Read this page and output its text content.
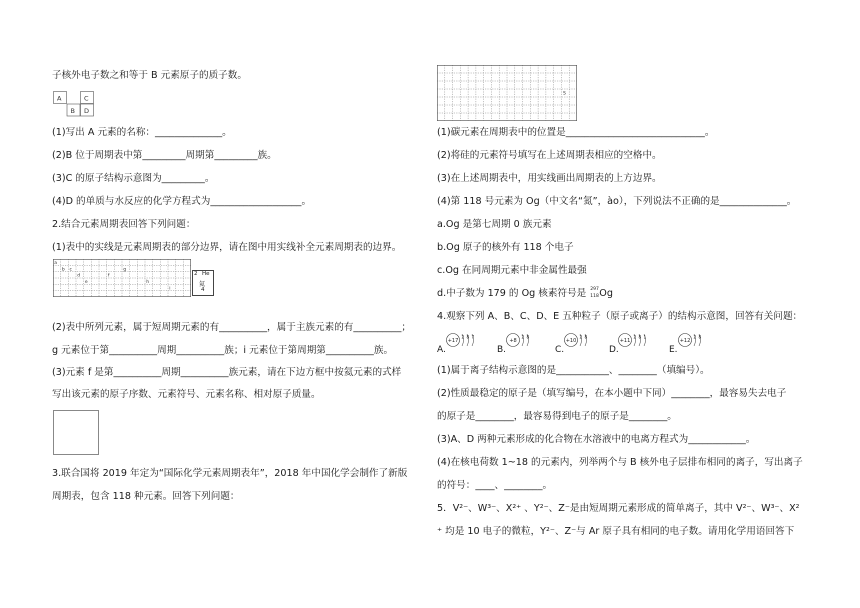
子核外电子数之和等于 B 元素原子的质子数。
A	C
B D
(1)写出 A 元素的名称：______________。
(2)B 位于周期表中第_________周期第_________族。
(3)C 的原子结构示意图为_________。
(4)D 的单质与水反应的化学方程式为___________________。
2.结合元素周期表回答下列问题：
(1)表中的实线是元素周期表的部分边界，请在图中用实线补全元素周期表的边界。
a
b c
d
e
f
g
h
i
2 He
氦
4
(2)表中所列元素，属于短周期元素的有__________，属于主族元素的有__________；
g 元素位于第__________周期__________族；i 元素位于第周期第__________族。
(3)元素 f 是第__________周期__________族元素，请在下边方框中按氦元素的式样
写出该元素的原子序数、元素符号、元素名称、相对原子质量。
3.联合国将 2019 年定为“国际化学元素周期表年”，2018 年中国化学会制作了新版
周期表，包含 118 种元素。回答下列问题：
S
(1)碳元素在周期表中的位置是_____________________________。
(2)将硅的元素符号填写在上述周期表相应的空格中。
(3)在上述周期表中，用实线画出周期表的上方边界。
(4)第 118 号元素为 Og（中文名“氮”，ào），下列说法不正确的是______________。
a.Og 是第七周期 0 族元素
b.Og 原子的核外有 118 个电子
c.Og 在同周期元素中非金属性最强
d.中子数为 179 的 Og 核素符号是 297
118 Og
4.观察下列 A、B、C、D、E 五种粒子（原子或离子）的结构示意图，回答有关问题：
A.
+17
2 8 7
B.
+8
2 8
C.
+10
2 8
D.
+11
2 8 1
E.
+12
2 8
(1)属于离子结构示意图的是___________、________（填编号）。
(2)性质最稳定的原子是（填写编号，在本小题中下同）________，最容易失去电子
的原子是________，最容易得到电子的原子是________。
(3)A、D 两种元素形成的化合物在水溶液中的电离方程式为____________。
(4)在核电荷数 1~18 的元素内，列举两个与 B 核外电子层排布相同的离子，写出离子
的符号：____、________。
5．V²⁻、W³⁻、X²⁺ 、Y²⁻、Z⁻是由短周期元素形成的简单离子，其中 V²⁻、W³⁻、X²
⁺ 均是 10 电子的微粒，Y²⁻、Z⁻与 Ar 原子具有相同的电子数。请用化学用语回答下
